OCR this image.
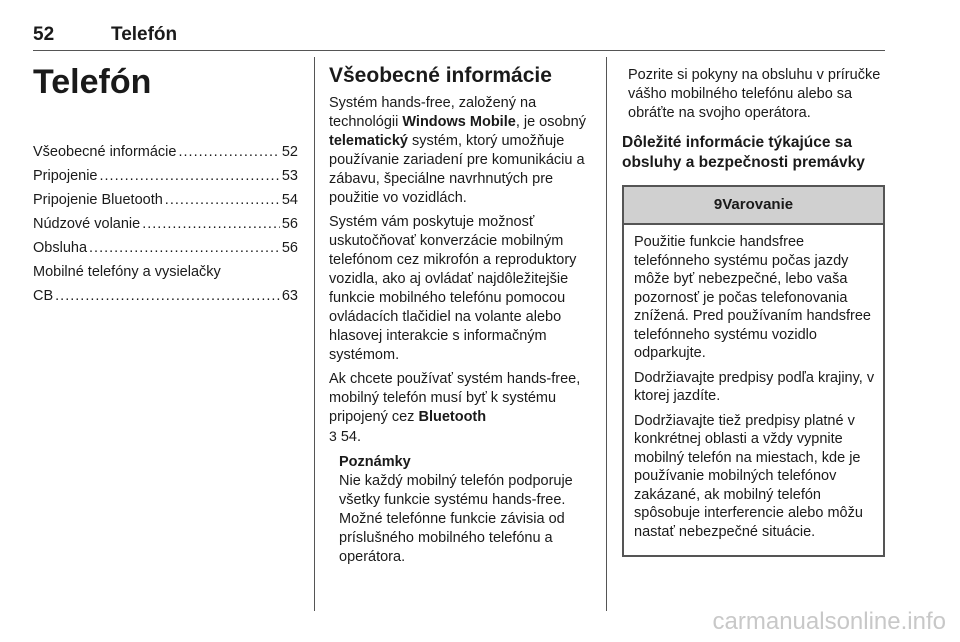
52	Telefón
Telefón
Všeobecné informácie .....	52
Pripojenie .....	53
Pripojenie Bluetooth .....	54
Núdzové volanie .....	56
Obsluha .....	56
Mobilné telefóny a vysielačky
CB .....	63
Všeobecné informácie

Systém hands-free, založený na technológii Windows Mobile, je osobný telematický systém, ktorý umožňuje používanie zariadení pre komunikáciu a zábavu, špeciálne navrhnutých pre použitie vo vozidlách.

Systém vám poskytuje možnosť uskutočňovať konverzácie mobilným telefónom cez mikrofón a reproduktory vozidla, ako aj ovládať najdôležitejšie funkcie mobilného telefónu pomocou ovládacích tlačidiel na volante alebo hlasovej interakcie s informačným systémom.

Ak chcete používať systém hands-free, mobilný telefón musí byť k systému pripojený cez Bluetooth
3 54.

Poznámky

Nie každý mobilný telefón podporuje všetky funkcie systému hands-free. Možné telefónne funkcie závisia od príslušného mobilného telefónu a operátora.

Pozrite si pokyny na obsluhu v príručke vášho mobilného telefónu alebo sa obráťte na svojho operátora.

Dôležité informácie týkajúce sa obsluhy a bezpečnosti premávky
9Varovanie

Použitie funkcie handsfree telefónneho systému počas jazdy môže byť nebezpečné, lebo vaša pozornosť je počas telefonovania znížená. Pred používaním handsfree telefónneho systému vozidlo odparkujte.

Dodržiavajte predpisy podľa krajiny, v ktorej jazdíte.

Dodržiavajte tiež predpisy platné v konkrétnej oblasti a vždy vypnite mobilný telefón na miestach, kde je používanie mobilných telefónov zakázané, ak mobilný telefón spôsobuje interferencie alebo môžu nastať nebezpečné situácie.

carmanualsonline.info
